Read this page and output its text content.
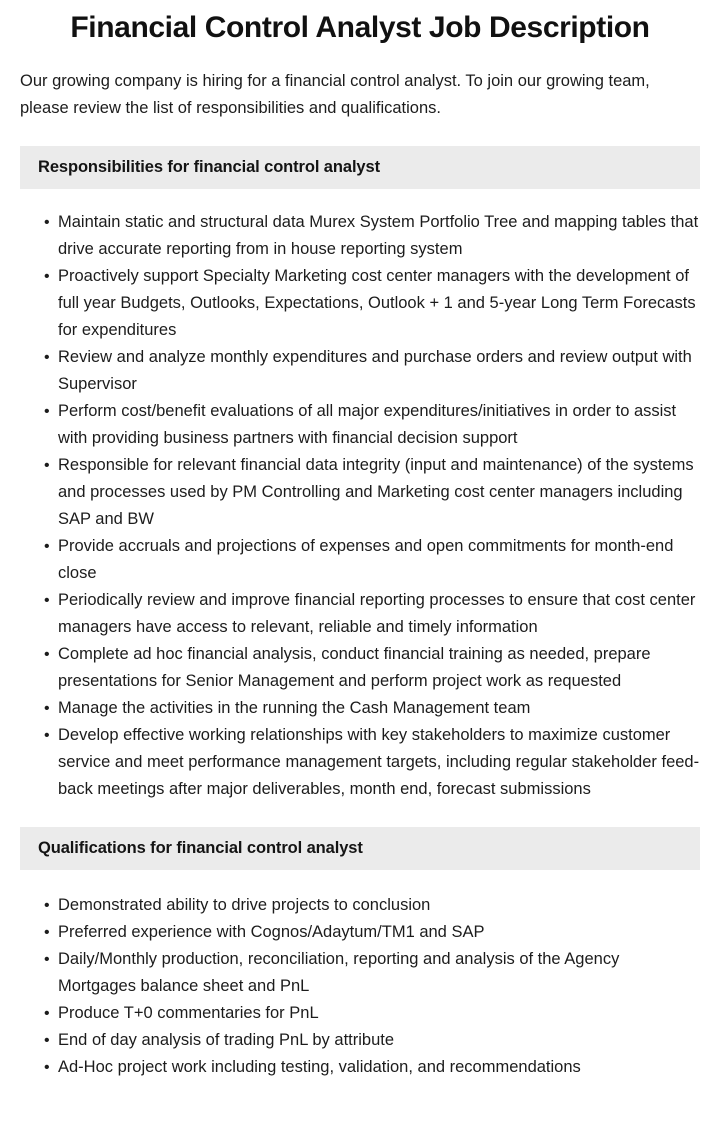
Financial Control Analyst Job Description

Our growing company is hiring for a financial control analyst. To join our growing team, please review the list of responsibilities and qualifications.

Responsibilities for financial control analyst
• Maintain static and structural data Murex System Portfolio Tree and mapping tables that drive accurate reporting from in house reporting system
• Proactively support Specialty Marketing cost center managers with the development of full year Budgets, Outlooks, Expectations, Outlook + 1 and 5-year Long Term Forecasts for expenditures
• Review and analyze monthly expenditures and purchase orders and review output with Supervisor
• Perform cost/benefit evaluations of all major expenditures/initiatives in order to assist with providing business partners with financial decision support
• Responsible for relevant financial data integrity (input and maintenance) of the systems and processes used by PM Controlling and Marketing cost center managers including SAP and BW
• Provide accruals and projections of expenses and open commitments for month-end close
• Periodically review and improve financial reporting processes to ensure that cost center managers have access to relevant, reliable and timely information
• Complete ad hoc financial analysis, conduct financial training as needed, prepare presentations for Senior Management and perform project work as requested
• Manage the activities in the running the Cash Management team
• Develop effective working relationships with key stakeholders to maximize customer service and meet performance management targets, including regular stakeholder feed-back meetings after major deliverables, month end, forecast submissions
Qualifications for financial control analyst
• Demonstrated ability to drive projects to conclusion
• Preferred experience with Cognos/Adaytum/TM1 and SAP
• Daily/Monthly production, reconciliation, reporting and analysis of the Agency Mortgages balance sheet and PnL
• Produce T+0 commentaries for PnL
• End of day analysis of trading PnL by attribute
• Ad-Hoc project work including testing, validation, and recommendations
